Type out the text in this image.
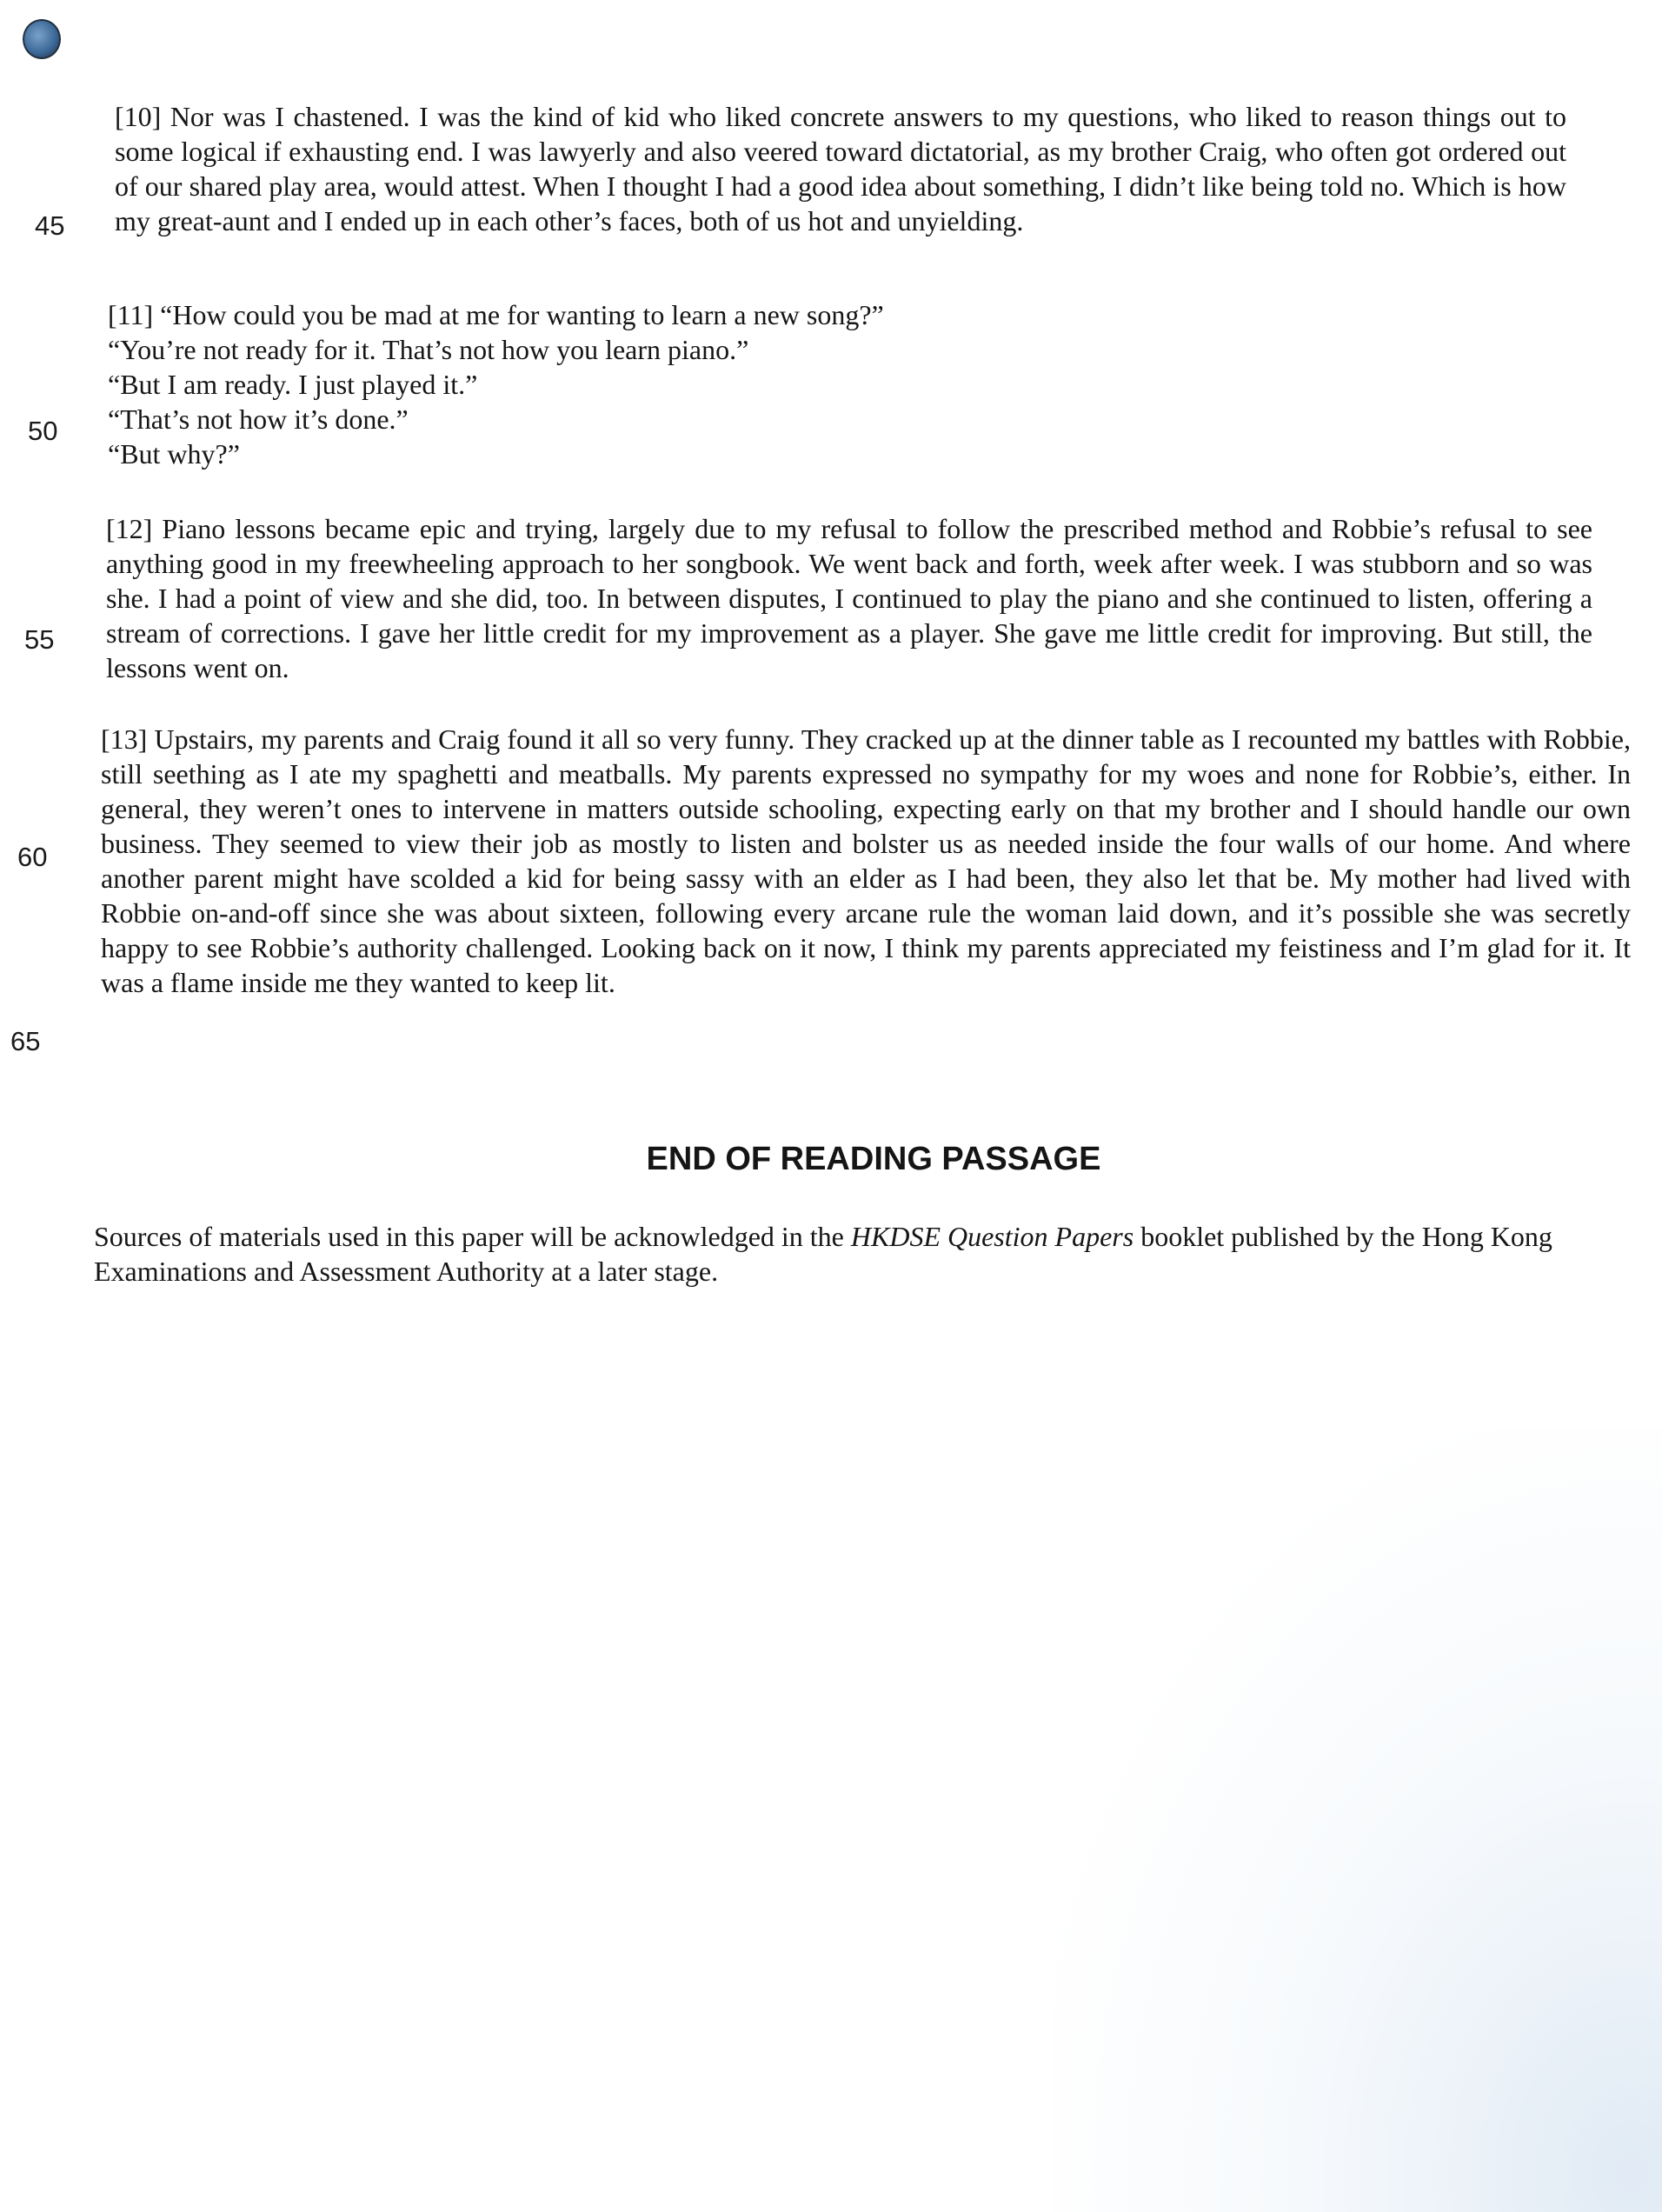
45
50
55
60
65

[10] Nor was I chastened. I was the kind of kid who liked concrete answers to my questions, who liked to reason things out to some logical if exhausting end. I was lawyerly and also veered toward dictatorial, as my brother Craig, who often got ordered out of our shared play area, would attest. When I thought I had a good idea about something, I didn’t like being told no. Which is how my great-aunt and I ended up in each other’s faces, both of us hot and unyielding.

[11] “How could you be mad at me for wanting to learn a new song?”
“You’re not ready for it. That’s not how you learn piano.”
“But I am ready. I just played it.”
“That’s not how it’s done.”
“But why?”

[12] Piano lessons became epic and trying, largely due to my refusal to follow the prescribed method and Robbie’s refusal to see anything good in my freewheeling approach to her songbook. We went back and forth, week after week. I was stubborn and so was she. I had a point of view and she did, too. In between disputes, I continued to play the piano and she continued to listen, offering a stream of corrections. I gave her little credit for my improvement as a player. She gave me little credit for improving. But still, the lessons went on.

[13] Upstairs, my parents and Craig found it all so very funny. They cracked up at the dinner table as I recounted my battles with Robbie, still seething as I ate my spaghetti and meatballs. My parents expressed no sympathy for my woes and none for Robbie’s, either. In general, they weren’t ones to intervene in matters outside schooling, expecting early on that my brother and I should handle our own business. They seemed to view their job as mostly to listen and bolster us as needed inside the four walls of our home. And where another parent might have scolded a kid for being sassy with an elder as I had been, they also let that be. My mother had lived with Robbie on-and-off since she was about sixteen, following every arcane rule the woman laid down, and it’s possible she was secretly happy to see Robbie’s authority challenged. Looking back on it now, I think my parents appreciated my feistiness and I’m glad for it. It was a flame inside me they wanted to keep lit.

END OF READING PASSAGE

Sources of materials used in this paper will be acknowledged in the HKDSE Question Papers booklet published by the Hong Kong Examinations and Assessment Authority at a later stage.
